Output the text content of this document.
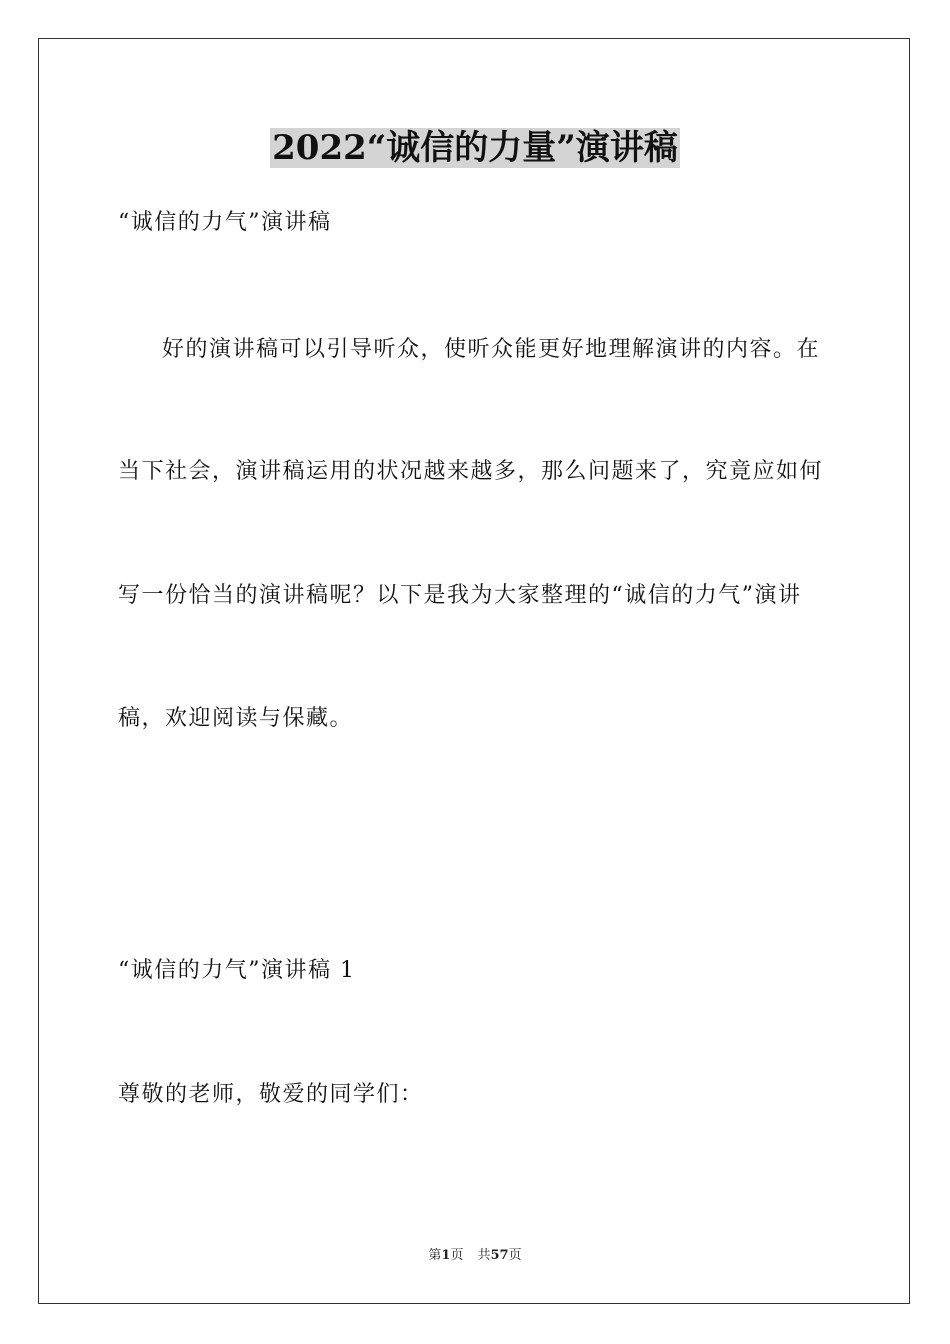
2022“诚信的力量”演讲稿
“诚信的力气”演讲稿
好的演讲稿可以引导听众，使听众能更好地理解演讲的内容。在
当下社会，演讲稿运用的状况越来越多，那么问题来了，究竟应如何
写一份恰当的演讲稿呢？以下是我为大家整理的“诚信的力气”演讲
稿，欢迎阅读与保藏。
“诚信的力气”演讲稿 1
尊敬的老师，敬爱的同学们：
第1页 共57页
